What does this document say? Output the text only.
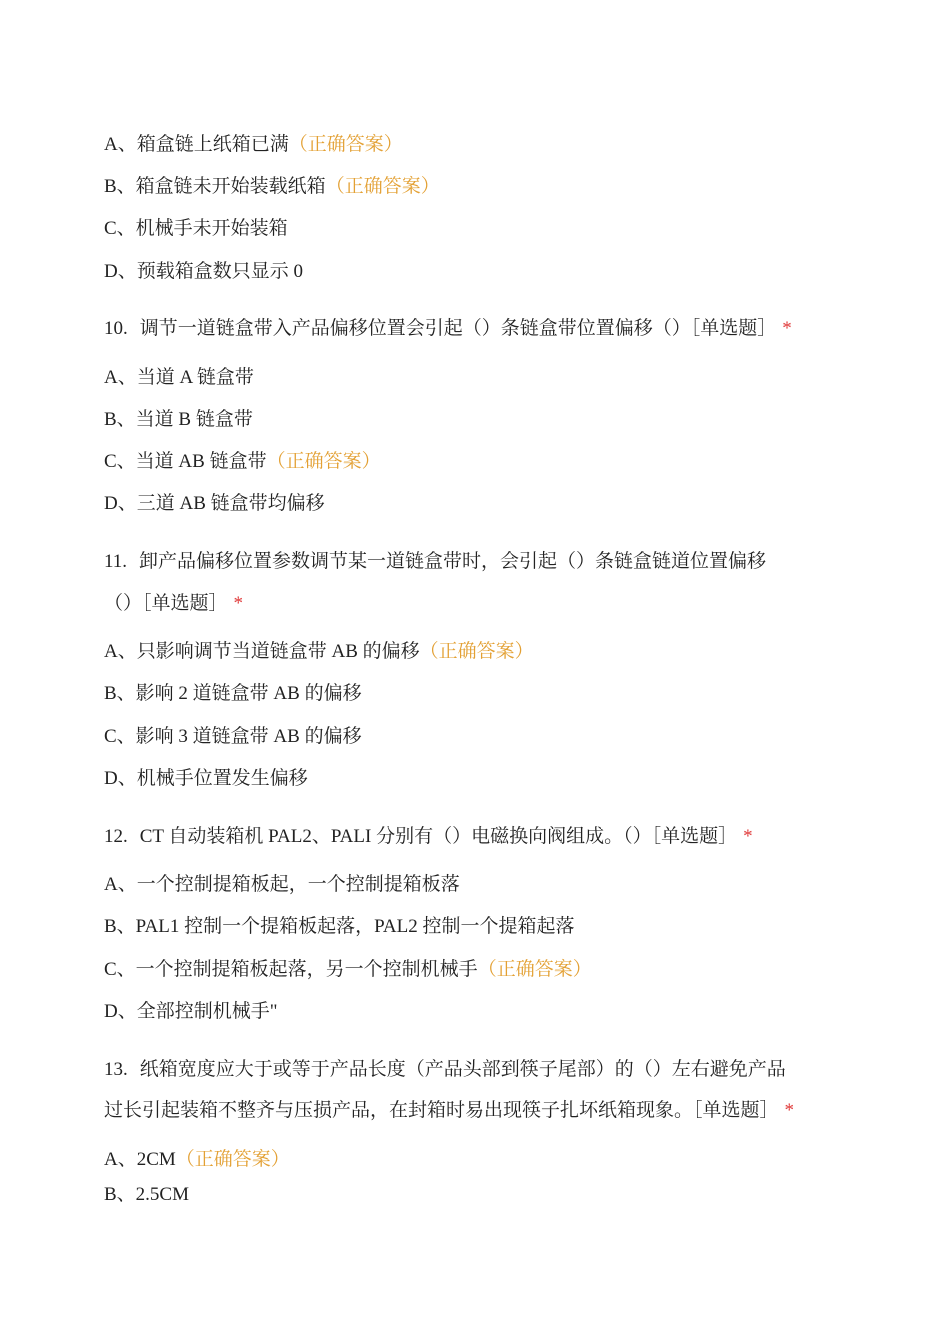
A、箱盒链上纸箱已满（正确答案）
B、箱盒链未开始装载纸箱（正确答案）
C、机械手未开始装箱
D、预载箱盒数只显示 0
10. 调节一道链盒带入产品偏移位置会引起（）条链盒带位置偏移（）［单选题］ *
A、当道 A 链盒带
B、当道 B 链盒带
C、当道 AB 链盒带（正确答案）
D、三道 AB 链盒带均偏移
11. 卸产品偏移位置参数调节某一道链盒带时，会引起（）条链盒链道位置偏移
（）［单选题］ *
A、只影响调节当道链盒带 AB 的偏移（正确答案）
B、影响 2 道链盒带 AB 的偏移
C、影响 3 道链盒带 AB 的偏移
D、机械手位置发生偏移
12. CT 自动装箱机 PAL2、PALI 分别有（）电磁换向阀组成。（）［单选题］ *
A、一个控制提箱板起，一个控制提箱板落
B、PAL1 控制一个提箱板起落，PAL2 控制一个提箱起落
C、一个控制提箱板起落，另一个控制机械手（正确答案）
D、全部控制机械手"
13. 纸箱宽度应大于或等于产品长度（产品头部到筷子尾部）的（）左右避免产品
过长引起装箱不整齐与压损产品，在封箱时易出现筷子扎坏纸箱现象。［单选题］ *
A、2CM（正确答案）
B、2.5CM
